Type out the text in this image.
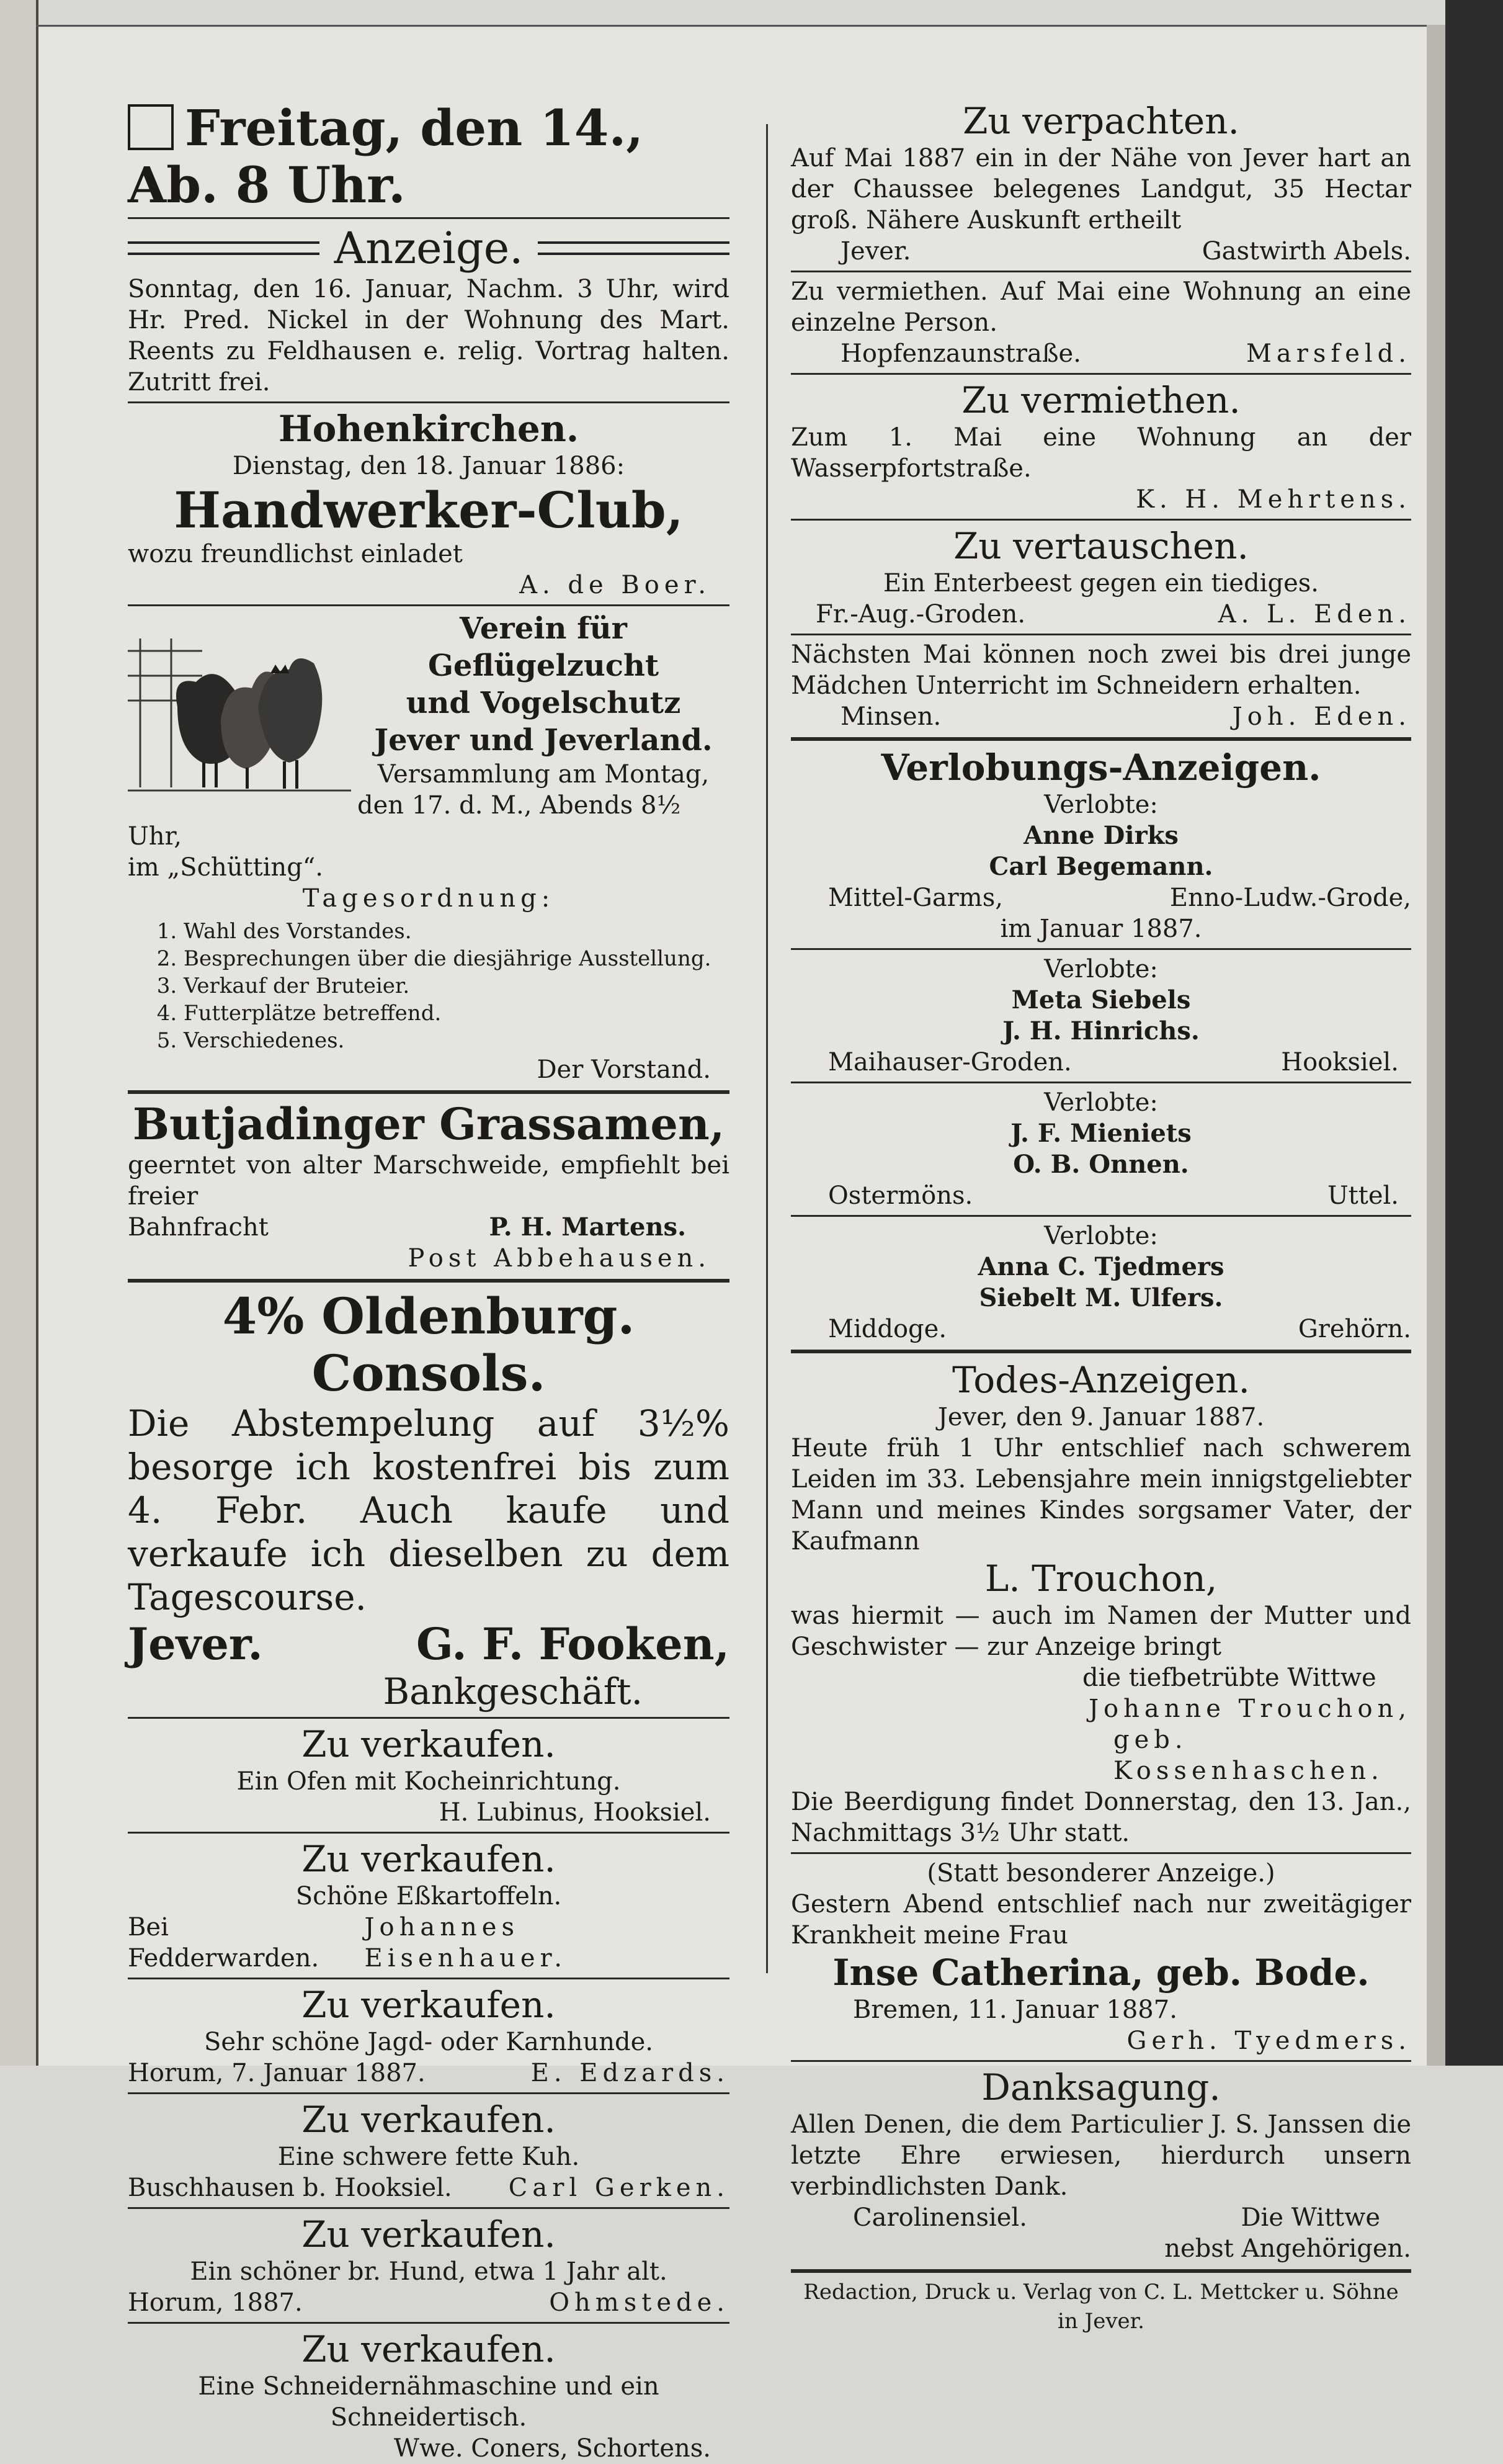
Freitag, den 14., Ab. 8 Uhr.
Anzeige.
Sonntag, den 16. Januar, Nachm. 3 Uhr, wird Hr. Pred. Nickel in der Wohnung des Mart. Reents zu Feldhausen e. relig. Vortrag halten. Zutritt frei.
Hohenkirchen.
Dienstag, den 18. Januar 1886:
Handwerker-Club,
wozu freundlichst einladet
A. de Boer.
Verein für Geflügelzucht
und Vogelschutz
Jever und Jeverland.
Versammlung am Montag,
den 17. d. M., Abends 8½ Uhr,
im „Schütting“.
Tagesordnung:
1. Wahl des Vorstandes.
2. Besprechungen über die diesjährige Ausstellung.
3. Verkauf der Bruteier.
4. Futterplätze betreffend.
5. Verschiedenes.
Der Vorstand.
Butjadinger Grassamen,
geerntet von alter Marschweide, empfiehlt bei freier
Bahnfracht	P. H. Martens.
Post Abbehausen.
4% Oldenburg. Consols.
Die Abstempelung auf 3½% besorge ich kostenfrei bis zum 4. Febr. Auch kaufe und verkaufe ich dieselben zu dem Tagescourse.
Jever.	G. F. Fooken,
Bankgeschäft.
Zu verkaufen.
Ein Ofen mit Kocheinrichtung.
H. Lubinus, Hooksiel.
Zu verkaufen.
Schöne Eßkartoffeln.
Bei Fedderwarden.
Johannes Eisenhauer.
Zu verkaufen.
Sehr schöne Jagd- oder Karnhunde.
Horum, 7. Januar 1887.	E. Edzards.
Zu verkaufen.
Eine schwere fette Kuh.
Buschhausen b. Hooksiel. Carl Gerken.
Zu verkaufen.
Ein schöner br. Hund, etwa 1 Jahr alt.
Horum, 1887.	Ohmstede.
Zu verkaufen.
Eine Schneidernähmaschine und ein Schneidertisch.
Wwe. Coners, Schortens.
Zu verpachten.
Auf Mai 1887 ein in der Nähe von Jever hart an der Chaussee belegenes Landgut, 35 Hectar groß. Nähere Auskunft ertheilt
Jever.	Gastwirth Abels.
Zu vermiethen. Auf Mai eine Wohnung an eine einzelne Person.
Hopfenzaunstraße.	Marsfeld.
Zu vermiethen.
Zum 1. Mai eine Wohnung an der Wasserpfortstraße.
K. H. Mehrtens.
Zu vertauschen.
Ein Enterbeest gegen ein tiediges.
Fr.-Aug.-Groden.	A. L. Eden.
Nächsten Mai können noch zwei bis drei junge Mädchen Unterricht im Schneidern erhalten.
Minsen.	Joh. Eden.
Verlobungs-Anzeigen.
Verlobte:
Anne Dirks
Carl Begemann.
Mittel-Garms,	Enno-Ludw.-Grode,
im Januar 1887.
Verlobte:
Meta Siebels
J. H. Hinrichs.
Maihauser-Groden.	Hooksiel.
Verlobte:
J. F. Mieniets
O. B. Onnen.
Ostermöns.	Uttel.
Verlobte:
Anna C. Tjedmers
Siebelt M. Ulfers.
Middoge.	Grehörn.
Todes-Anzeigen.
Jever, den 9. Januar 1887.
Heute früh 1 Uhr entschlief nach schwerem Leiden im 33. Lebensjahre mein innigstgeliebter Mann und meines Kindes sorgsamer Vater, der Kaufmann
L. Trouchon,
was hiermit — auch im Namen der Mutter und Geschwister — zur Anzeige bringt
die tiefbetrübte Wittwe
Johanne Trouchon,
geb. Kossenhaschen.
Die Beerdigung findet Donnerstag, den 13. Jan., Nachmittags 3½ Uhr statt.
(Statt besonderer Anzeige.)
Gestern Abend entschlief nach nur zweitägiger Krankheit meine Frau
Inse Catherina, geb. Bode.
Bremen, 11. Januar 1887.
Gerh. Tyedmers.
Danksagung.
Allen Denen, die dem Particulier J. S. Janssen die letzte Ehre erwiesen, hierdurch unsern verbindlichsten Dank.
Carolinensiel.	Die Wittwe
nebst Angehörigen.
Redaction, Druck u. Verlag von C. L. Mettcker u. Söhne in Jever.
